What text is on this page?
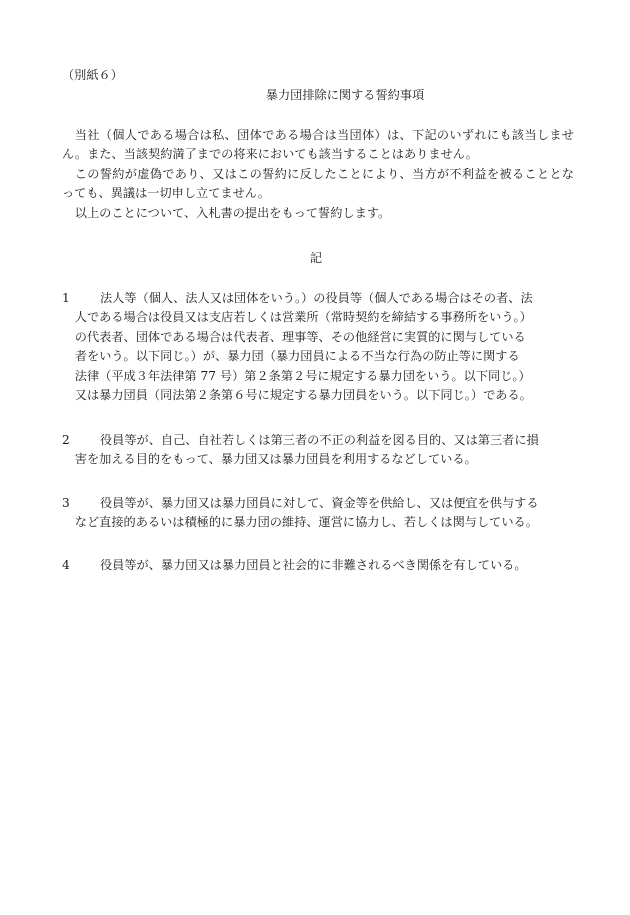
（別紙６）
暴力団排除に関する誓約事項

当社（個人である場合は私、団体である場合は当団体）は、下記のいずれにも該当しません。また、当該契約満了までの将来においても該当することはありません。

この誓約が虚偽であり、又はこの誓約に反したことにより、当方が不利益を被ることとなっても、異議は一切申し立てません。

以上のことについて、入札書の提出をもって誓約します。

記
1 法人等（個人、法人又は団体をいう。）の役員等（個人である場合はその者、法
人である場合は役員又は支店若しくは営業所（常時契約を締結する事務所をいう。）
の代表者、団体である場合は代表者、理事等、その他経営に実質的に関与している
者をいう。以下同じ。）が、暴力団（暴力団員による不当な行為の防止等に関する
法律（平成３年法律第 77 号）第２条第２号に規定する暴力団をいう。以下同じ。）
又は暴力団員（同法第２条第６号に規定する暴力団員をいう。以下同じ。）である。
2 役員等が、自己、自社若しくは第三者の不正の利益を図る目的、又は第三者に損
害を加える目的をもって、暴力団又は暴力団員を利用するなどしている。
3 役員等が、暴力団又は暴力団員に対して、資金等を供給し、又は便宜を供与する
など直接的あるいは積極的に暴力団の維持、運営に協力し、若しくは関与している。
4 役員等が、暴力団又は暴力団員と社会的に非難されるべき関係を有している。
